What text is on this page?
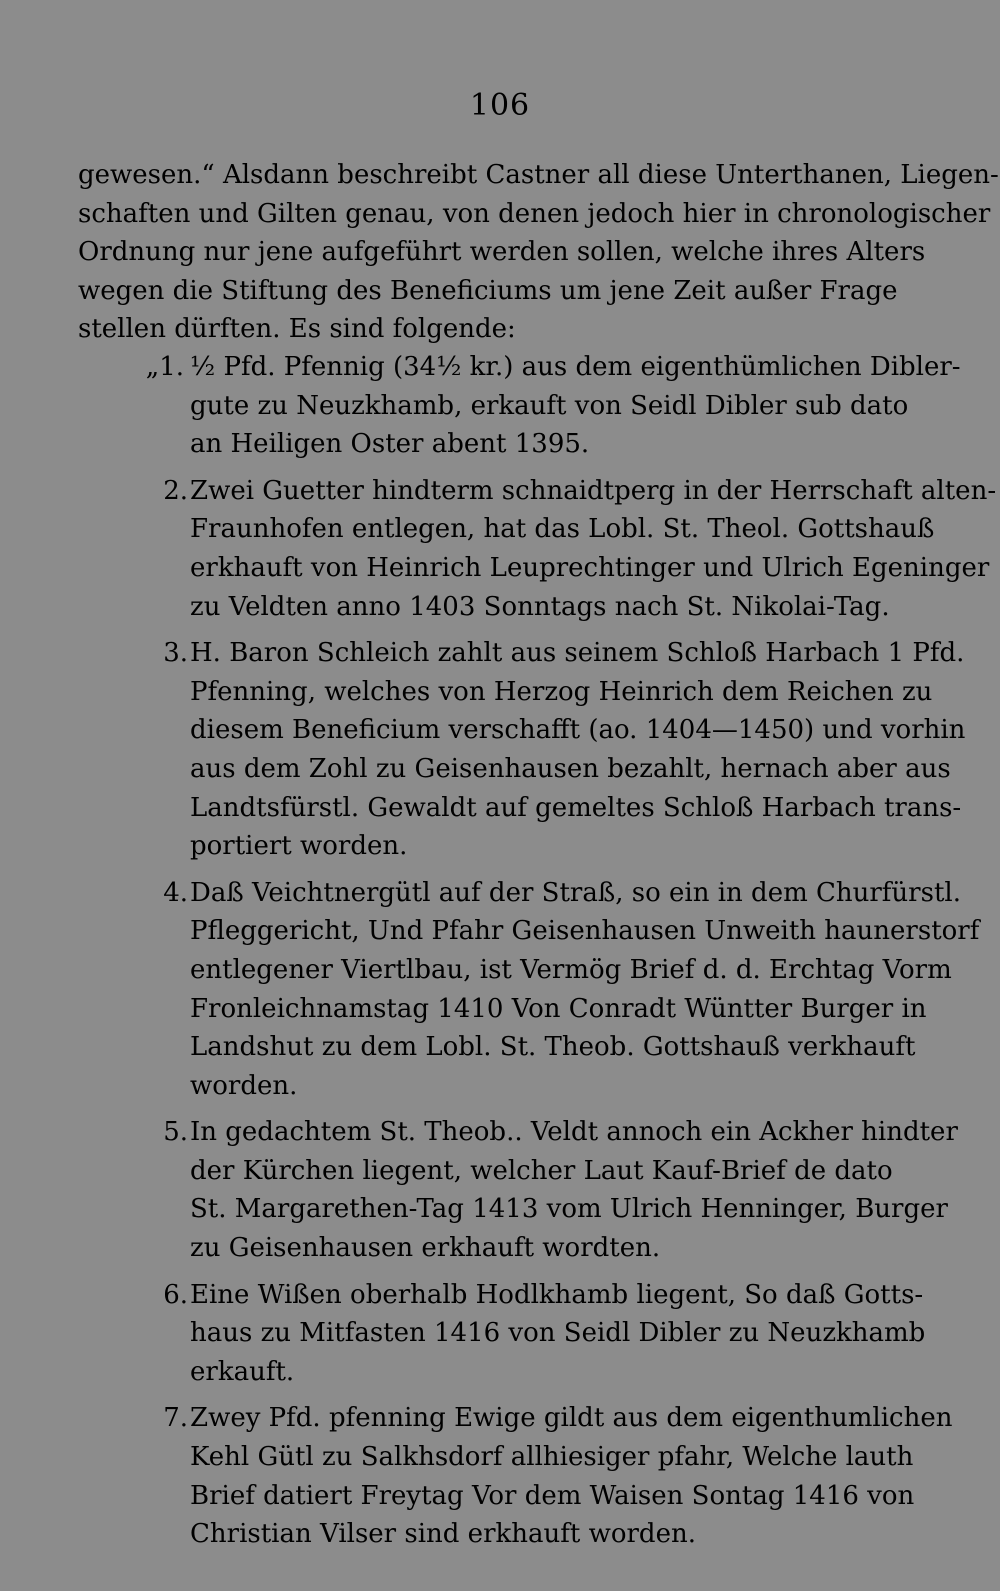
106

gewesen.“ Alsdann beschreibt Castner all diese Unterthanen, Liegen-
schaften und Gilten genau, von denen jedoch hier in chronologischer
Ordnung nur jene aufgeführt werden sollen, welche ihres Alters
wegen die Stiftung des Beneficiums um jene Zeit außer Frage
stellen dürften. Es sind folgende:

„1. ½ Pfd. Pfennig (34½ kr.) aus dem eigenthümlichen Dibler-
gute zu Neuzkhamb, erkauft von Seidl Dibler sub dato
an Heiligen Oster abent 1395.
2. Zwei Guetter hindterm schnaidtperg in der Herrschaft alten-
Fraunhofen entlegen, hat das Lobl. St. Theol. Gottshauß
erkhauft von Heinrich Leuprechtinger und Ulrich Egeninger
zu Veldten anno 1403 Sonntags nach St. Nikolai-Tag.
3. H. Baron Schleich zahlt aus seinem Schloß Harbach 1 Pfd.
Pfenning, welches von Herzog Heinrich dem Reichen zu
diesem Beneficium verschafft (ao. 1404—1450) und vorhin
aus dem Zohl zu Geisenhausen bezahlt, hernach aber aus
Landtsfürstl. Gewaldt auf gemeltes Schloß Harbach trans-
portiert worden.
4. Daß Veichtnergütl auf der Straß, so ein in dem Churfürstl.
Pfleggericht, Und Pfahr Geisenhausen Unweith haunerstorf
entlegener Viertlbau, ist Vermög Brief d. d. Erchtag Vorm
Fronleichnamstag 1410 Von Conradt Wüntter Burger in
Landshut zu dem Lobl. St. Theob. Gottshauß verkhauft
worden.
5. In gedachtem St. Theob.. Veldt annoch ein Ackher hindter
der Kürchen liegent, welcher Laut Kauf-Brief de dato
St. Margarethen-Tag 1413 vom Ulrich Henninger, Burger
zu Geisenhausen erkhauft wordten.
6. Eine Wißen oberhalb Hodlkhamb liegent, So daß Gotts-
haus zu Mitfasten 1416 von Seidl Dibler zu Neuzkhamb
erkauft.
7. Zwey Pfd. pfenning Ewige gildt aus dem eigenthumlichen
Kehl Gütl zu Salkhsdorf allhiesiger pfahr, Welche lauth
Brief datiert Freytag Vor dem Waisen Sontag 1416 von
Christian Vilser sind erkhauft worden.
